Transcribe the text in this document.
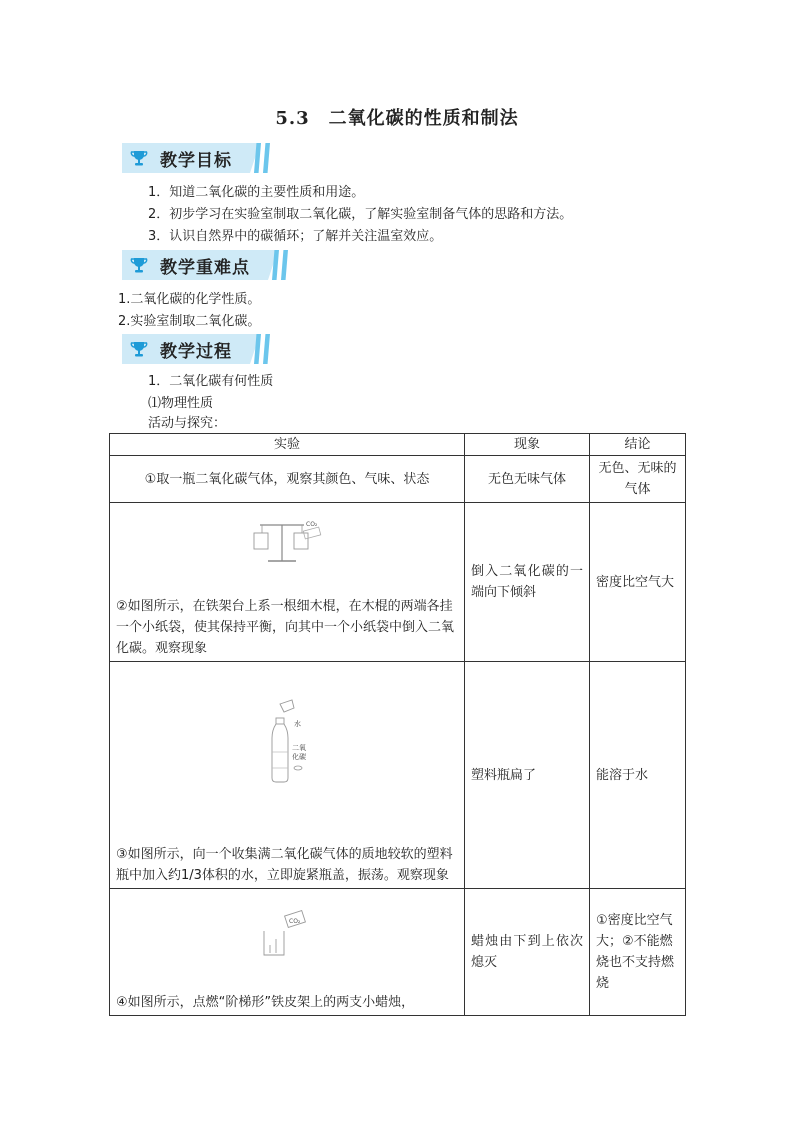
5.3　二氧化碳的性质和制法
教学目标
1．知道二氧化碳的主要性质和用途。
2．初步学习在实验室制取二氧化碳，了解实验室制备气体的思路和方法。
3．认识自然界中的碳循环；了解并关注温室效应。
教学重难点
1.二氧化碳的化学性质。
2.实验室制取二氧化碳。
教学过程
1．二氧化碳有何性质
⑴物理性质
活动与探究：
实验	现象	结论
①取一瓶二氧化碳气体，观察其颜色、气味、状态	无色无味气体	无色、无味的气体

CO₂
②如图所示，在铁架台上系一根细木棍，在木棍的两端各挂一个小纸袋，使其保持平衡，向其中一个小纸袋中倒入二氧化碳。观察现象	倒入二氧化碳的一端向下倾斜	密度比空气大

水
二氧
化碳
③如图所示，向一个收集满二氧化碳气体的质地较软的塑料瓶中加入约1/3体积的水，立即旋紧瓶盖，振荡。观察现象	塑料瓶扁了	能溶于水

CO₂
④如图所示，点燃“阶梯形”铁皮架上的两支小蜡烛，	蜡烛由下到上依次熄灭	①密度比空气大；②不能燃烧也不支持燃烧
